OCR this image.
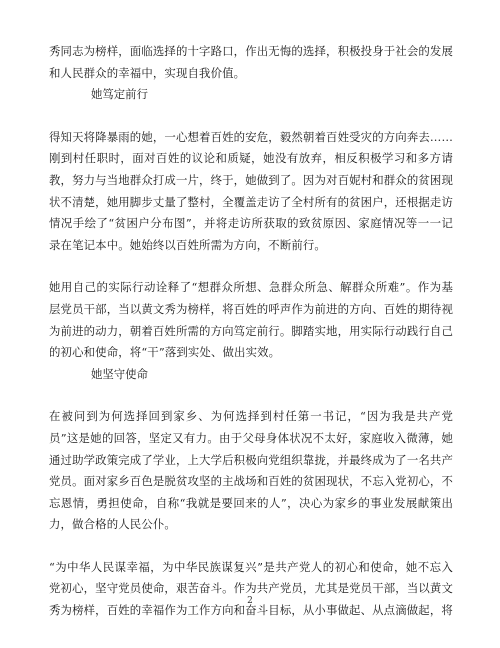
秀同志为榜样，面临选择的十字路口，作出无悔的选择，积极投身于社会的发展和人民群众的幸福中，实现自我价值。

她笃定前行

得知天将降暴雨的她，一心想着百姓的安危，毅然朝着百姓受灾的方向奔去……刚到村任职时，面对百姓的议论和质疑，她没有放弃，相反积极学习和多方请教，努力与当地群众打成一片，终于，她做到了。因为对百妮村和群众的贫困现状不清楚，她用脚步丈量了整村，全覆盖走访了全村所有的贫困户，还根据走访情况手绘了“贫困户分布图”，并将走访所获取的致贫原因、家庭情况等一一记录在笔记本中。她始终以百姓所需为方向，不断前行。

她用自己的实际行动诠释了“想群众所想、急群众所急、解群众所难”。作为基层党员干部，当以黄文秀为榜样，将百姓的呼声作为前进的方向、百姓的期待视为前进的动力，朝着百姓所需的方向笃定前行。脚踏实地，用实际行动践行自己的初心和使命，将“干”落到实处、做出实效。

她坚守使命

在被问到为何选择回到家乡、为何选择到村任第一书记，“因为我是共产党员”这是她的回答，坚定又有力。由于父母身体状况不太好，家庭收入微薄，她通过助学政策完成了学业，上大学后积极向党组织靠拢，并最终成为了一名共产党员。面对家乡百色是脱贫攻坚的主战场和百姓的贫困现状，不忘入党初心，不忘恩情，勇担使命，自称“我就是要回来的人”，决心为家乡的事业发展献策出力，做合格的人民公仆。

“为中华人民谋幸福，为中华民族谋复兴”是共产党人的初心和使命，她不忘入党初心，坚守党员使命，艰苦奋斗。作为共产党员，尤其是党员干部，当以黄文秀为榜样，百姓的幸福作为工作方向和奋斗目标，从小事做起、从点滴做起，将

2
